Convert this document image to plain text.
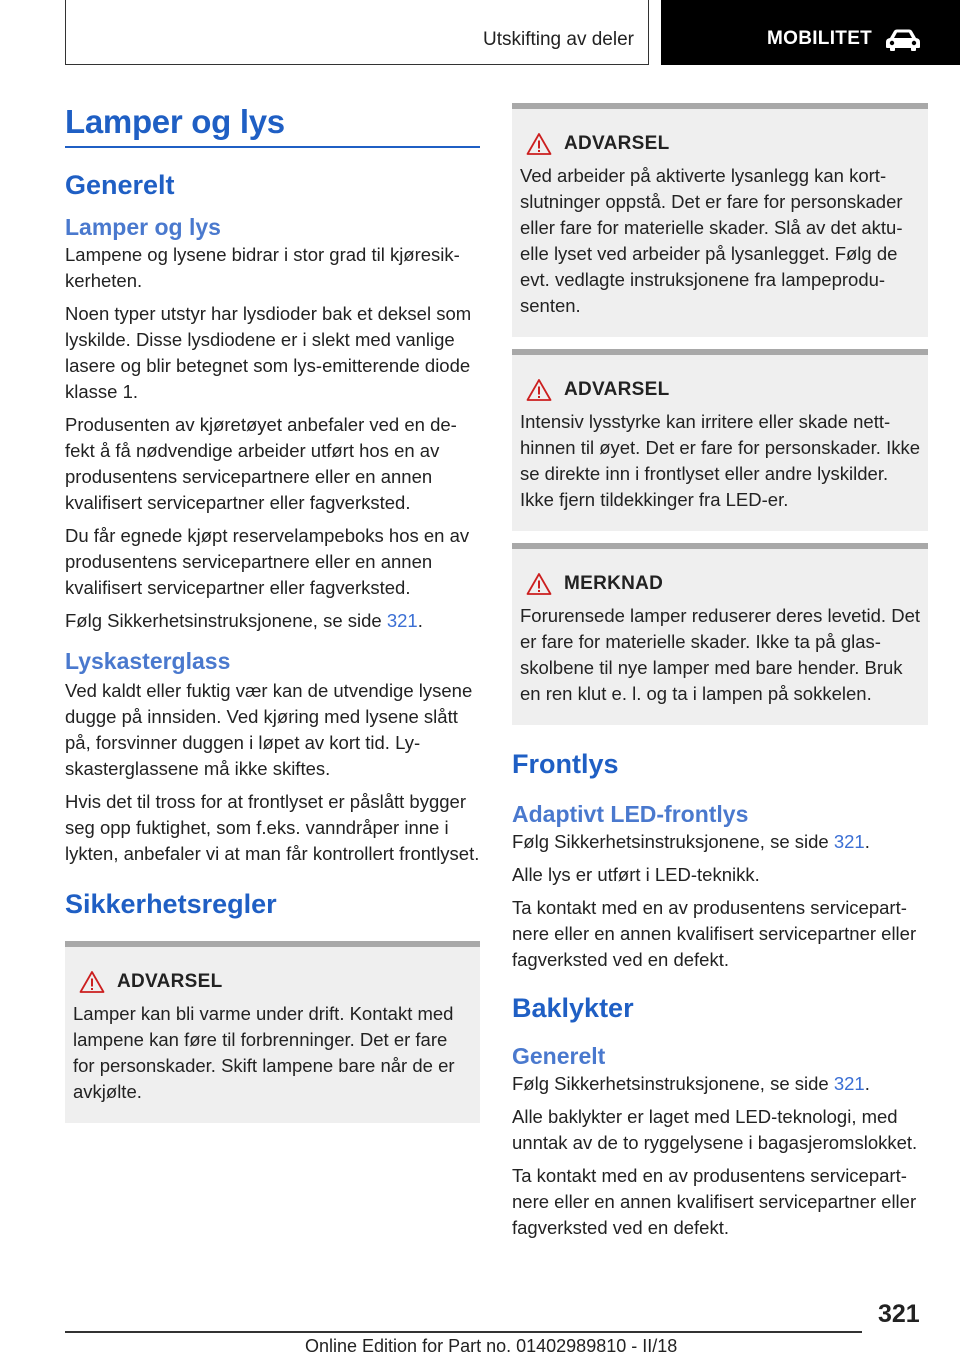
Utskifting av deler	MOBILITET
Lamper og lys
Generelt
Lamper og lys

Lampene og lysene bidrar i stor grad til kjøresikkerheten.

Noen typer utstyr har lysdioder bak et deksel som lyskilde. Disse lysdiodene er i slekt med vanlige lasere og blir betegnet som lys-emitterende diode klasse 1.

Produsenten av kjøretøyet anbefaler ved en defekt å få nødvendige arbeider utført hos en av produsentens servicepartnere eller en annen kvalifisert servicepartner eller fagverksted.

Du får egnede kjøpt reservelampeboks hos en av produsentens servicepartnere eller en annen kvalifisert servicepartner eller fagverksted.

Følg Sikkerhetsinstruksjonene, se side 321.

Lyskasterglass

Ved kaldt eller fuktig vær kan de utvendige lysene dugge på innsiden. Ved kjøring med lysene slått på, forsvinner duggen i løpet av kort tid. Lyskasterglassene må ikke skiftes.

Hvis det til tross for at frontlyset er påslått bygger seg opp fuktighet, som f.eks. vanndråper inne i lykten, anbefaler vi at man får kontrollert frontlyset.

Sikkerhetsregler
ADVARSEL

Lamper kan bli varme under drift. Kontakt med lampene kan føre til forbrenninger. Det er fare for personskader. Skift lampene bare når de er avkjølte.

ADVARSEL

Ved arbeider på aktiverte lysanlegg kan kortslutninger oppstå. Det er fare for personskader eller fare for materielle skader. Slå av det aktuelle lyset ved arbeider på lysanlegget. Følg de evt. vedlagte instruksjonene fra lampeprodusenten.

ADVARSEL

Intensiv lysstyrke kan irritere eller skade netthinnen til øyet. Det er fare for personskader. Ikke se direkte inn i frontlyset eller andre lyskilder. Ikke fjern tildekkinger fra LED-er.

MERKNAD

Forurensede lamper reduserer deres levetid. Det er fare for materielle skader. Ikke ta på glasskolbene til nye lamper med bare hender. Bruk en ren klut e. l. og ta i lampen på sokkelen.

Frontlys
Adaptivt LED-frontlys

Følg Sikkerhetsinstruksjonene, se side 321.

Alle lys er utført i LED-teknikk.

Ta kontakt med en av produsentens servicepartnere eller en annen kvalifisert servicepartner eller fagverksted ved en defekt.

Baklykter
Generelt

Følg Sikkerhetsinstruksjonene, se side 321.

Alle baklykter er laget med LED-teknologi, med unntak av de to ryggelysene i bagasjeromslokket.

Ta kontakt med en av produsentens servicepartnere eller en annen kvalifisert servicepartner eller fagverksted ved en defekt.

321
Online Edition for Part no. 01402989810 - II/18
